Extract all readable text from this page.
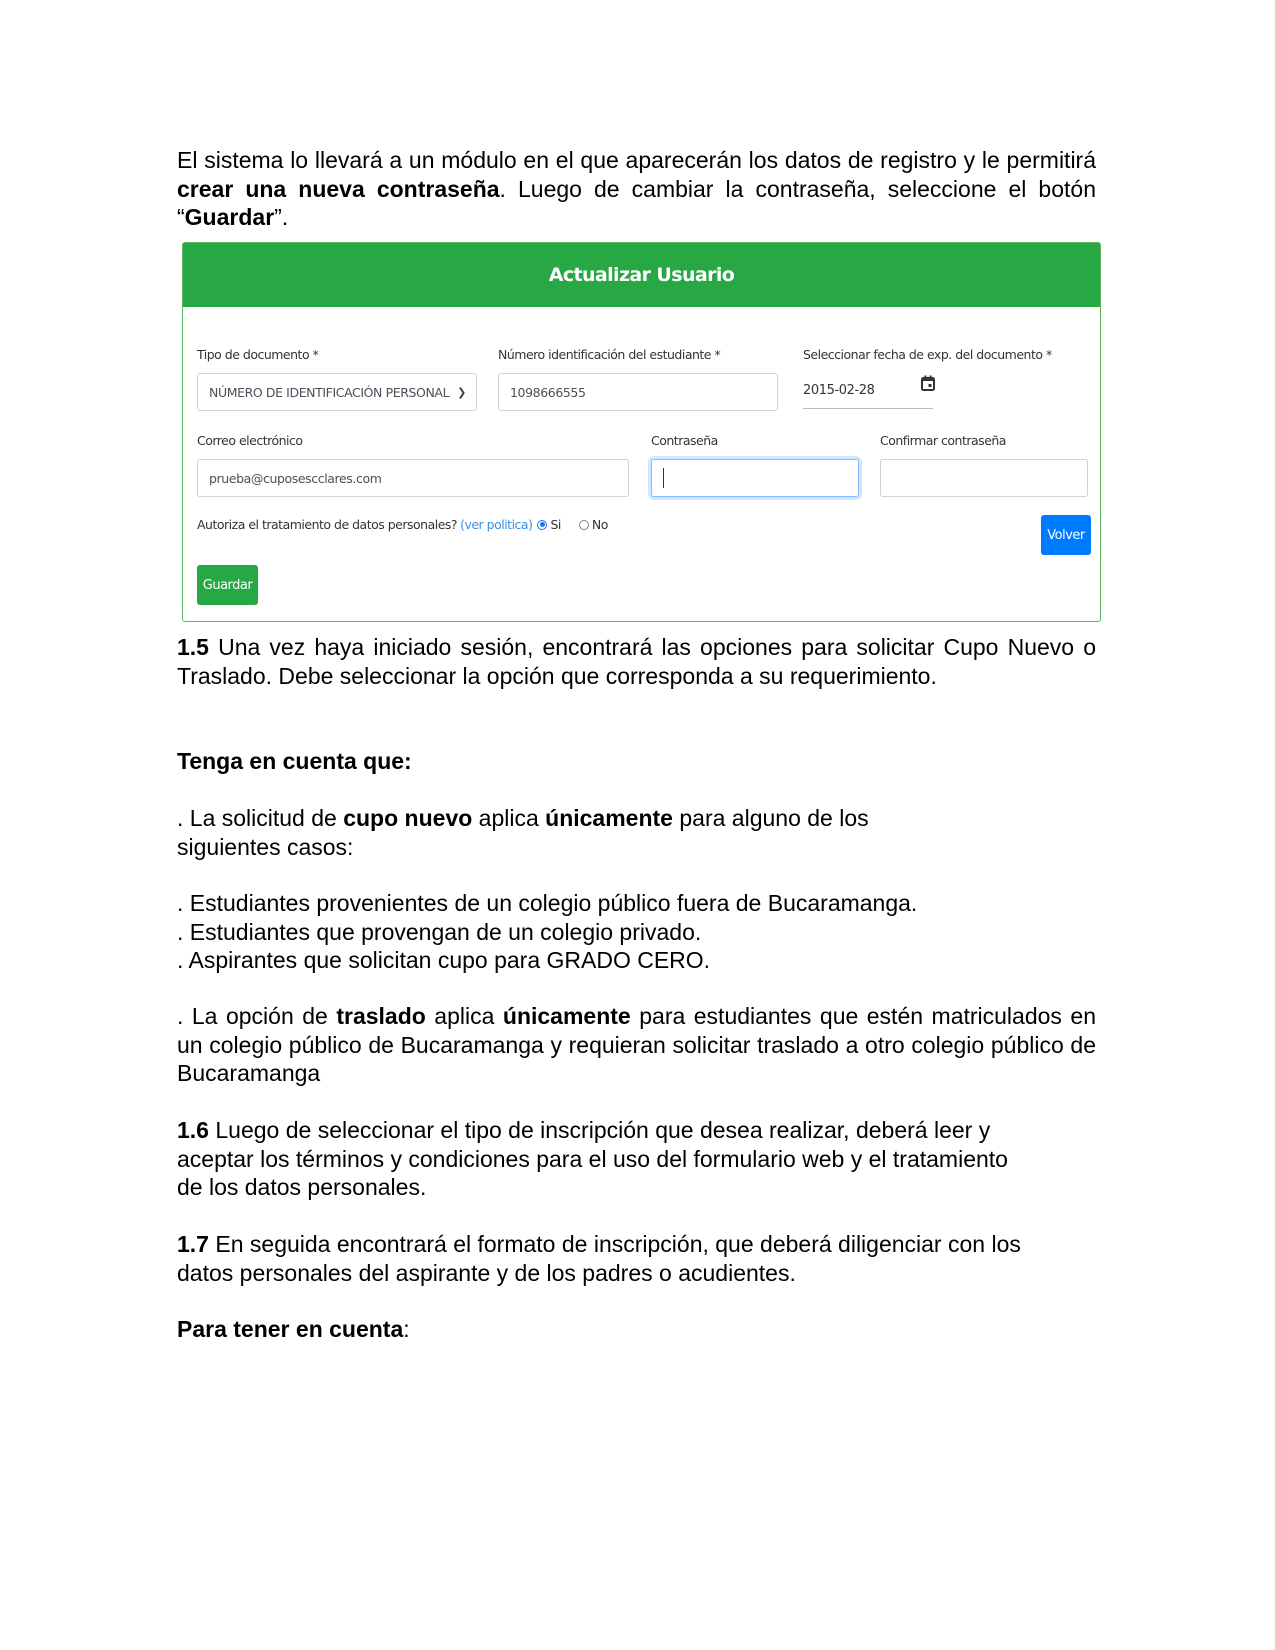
El sistema lo llevará a un módulo en el que aparecerán los datos de registro y le permitirá crear una nueva contraseña. Luego de cambiar la contraseña, seleccione el botón “Guardar”.

Actualizar Usuario
Tipo de documento *
NÚMERO DE IDENTIFICACIÓN PERSONAL ❯
Número identificación del estudiante *
1098666555
Seleccionar fecha de exp. del documento *
2015-02-28
Correo electrónico
prueba@cuposescclares.com
Contraseña	Confirmar contraseña
Autoriza el tratamiento de datos personales? (ver politica) Si No
Volver
Guardar

1.5 Una vez haya iniciado sesión, encontrará las opciones para solicitar Cupo Nuevo o Traslado. Debe seleccionar la opción que corresponda a su requerimiento.

Tenga en cuenta que:

. La solicitud de cupo nuevo aplica únicamente para alguno de los
siguientes casos:

. Estudiantes provenientes de un colegio público fuera de Bucaramanga.

. Estudiantes que provengan de un colegio privado.

. Aspirantes que solicitan cupo para GRADO CERO.

. La opción de traslado aplica únicamente para estudiantes que estén matriculados en un colegio público de Bucaramanga y requieran solicitar traslado a otro colegio público de Bucaramanga

1.6 Luego de seleccionar el tipo de inscripción que desea realizar, deberá leer y
aceptar los términos y condiciones para el uso del formulario web y el tratamiento
de los datos personales.

1.7 En seguida encontrará el formato de inscripción, que deberá diligenciar con los
datos personales del aspirante y de los padres o acudientes.

Para tener en cuenta:
